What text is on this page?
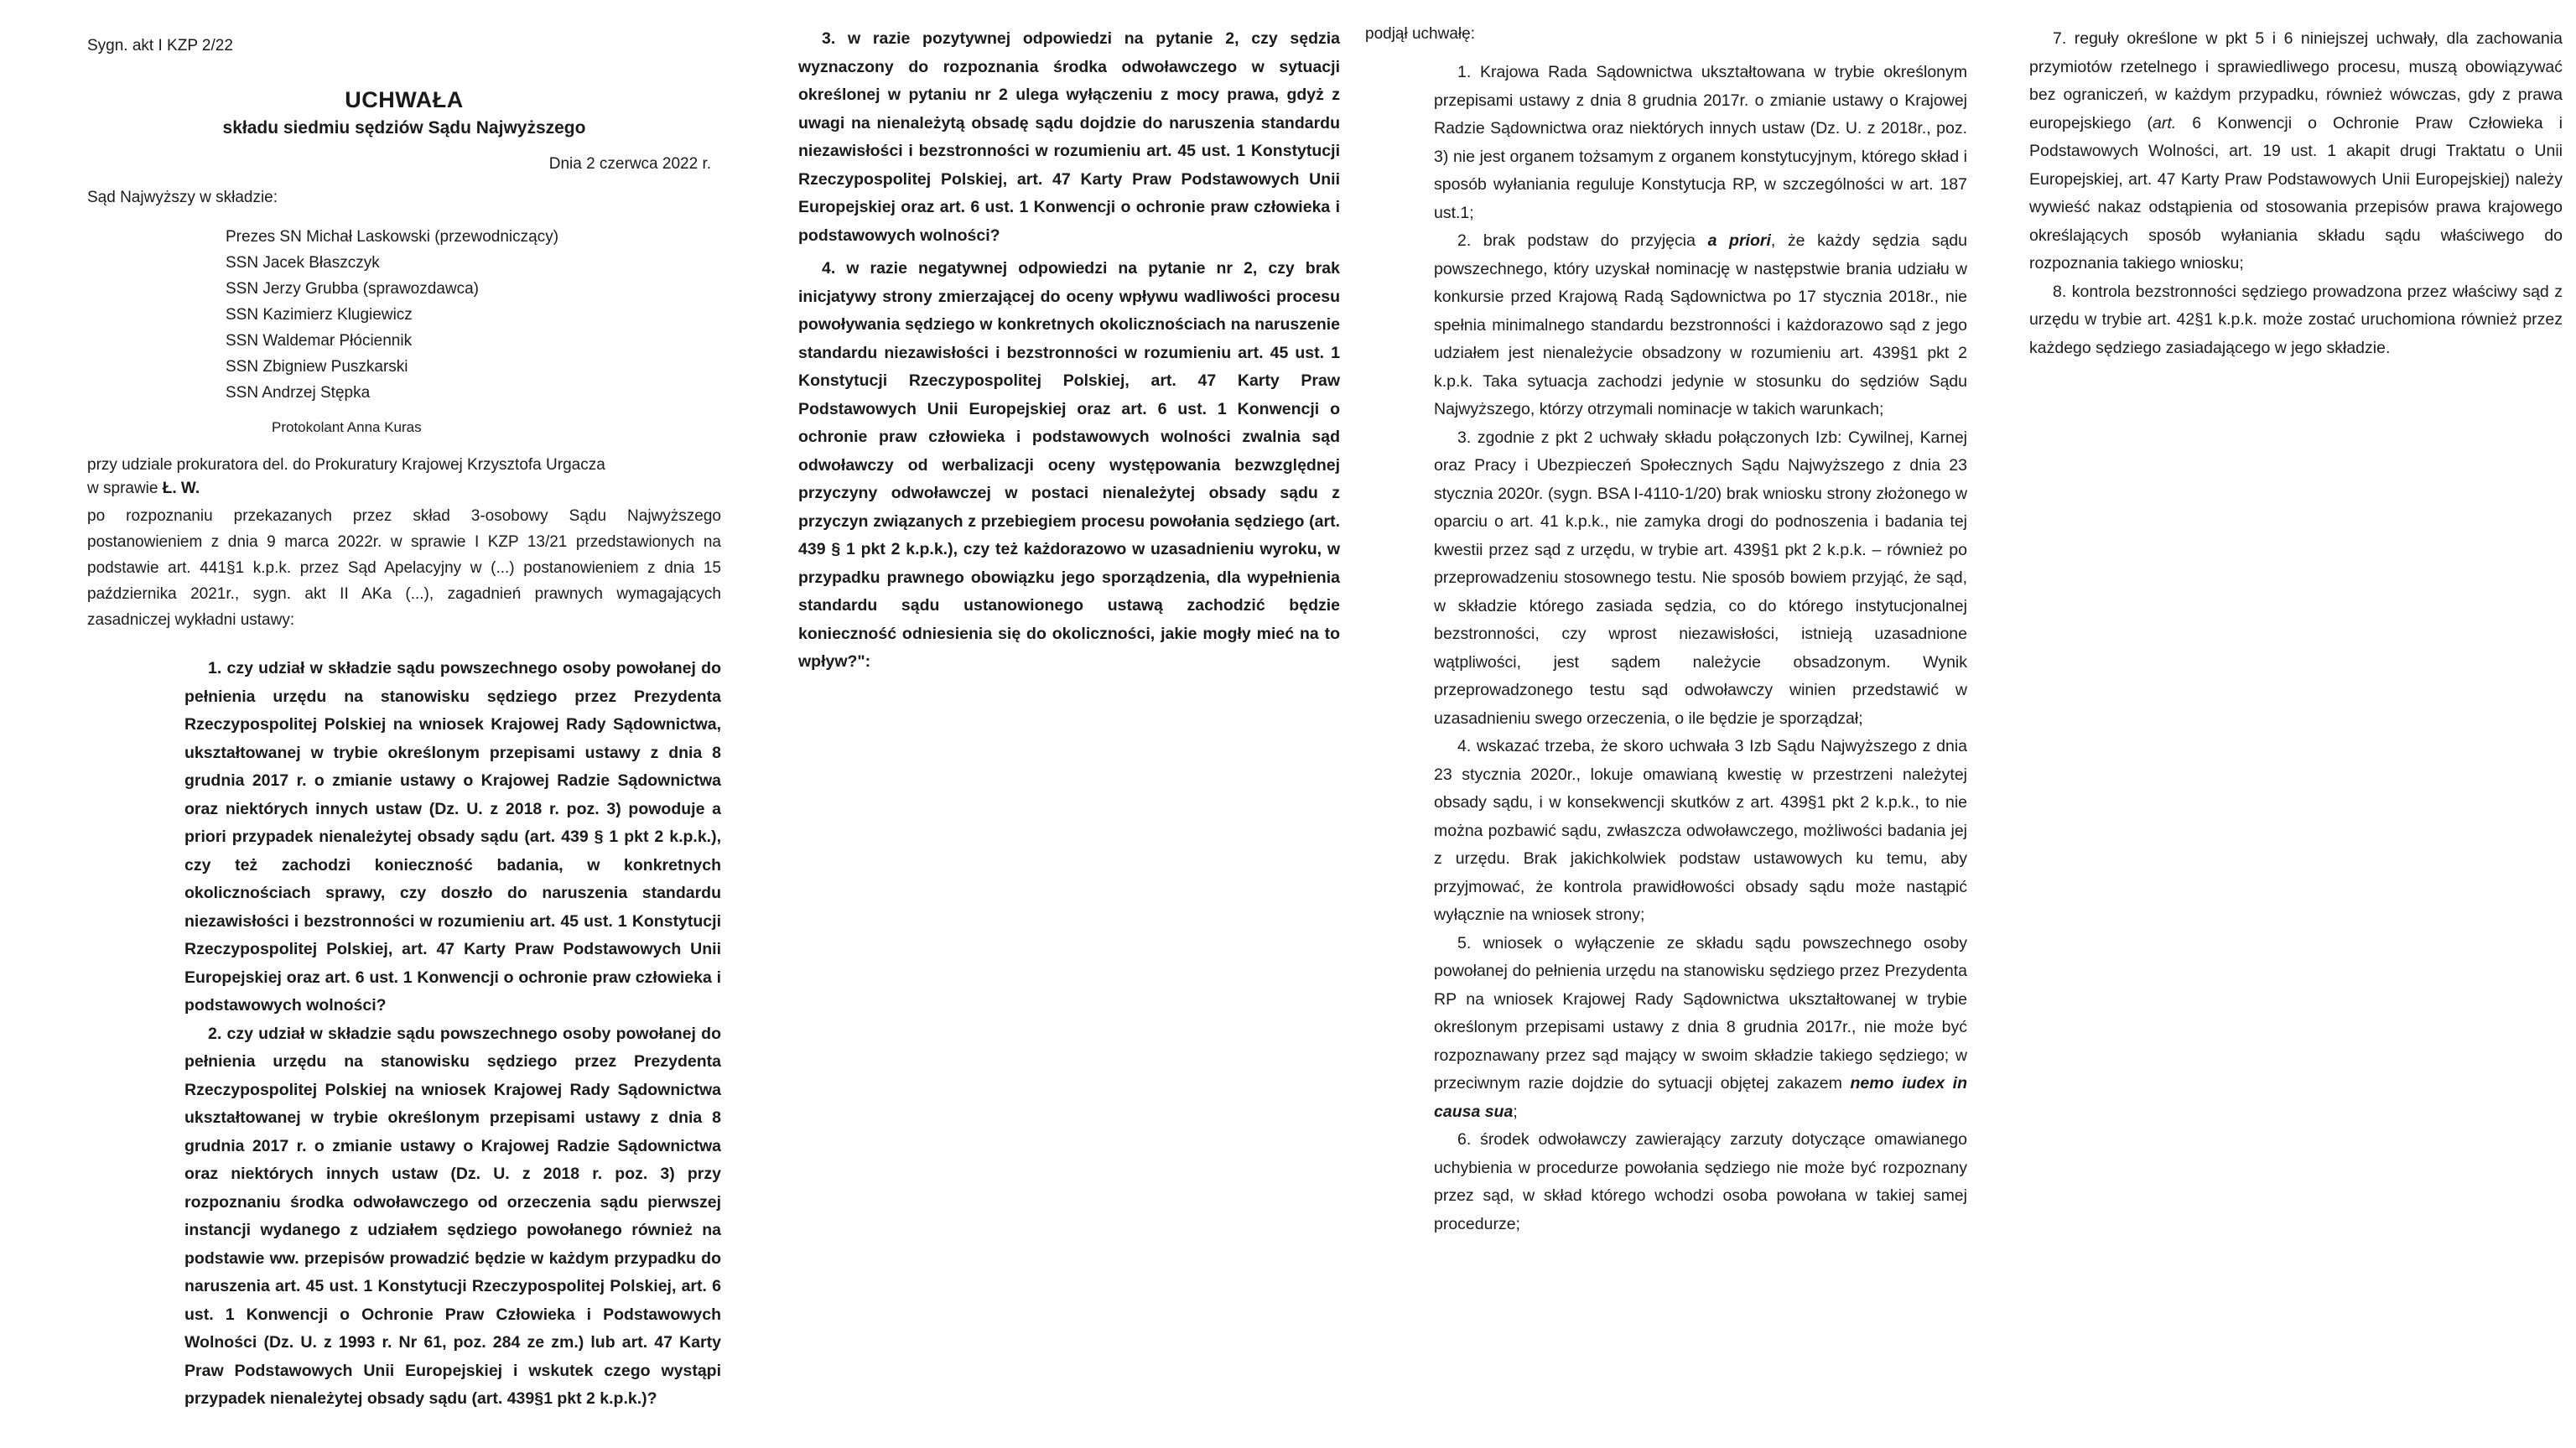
Sygn. akt I KZP 2/22
UCHWAŁA
składu siedmiu sędziów Sądu Najwyższego
Dnia 2 czerwca 2022 r.
Sąd Najwyższy w składzie:
Prezes SN Michał Laskowski (przewodniczący)
SSN Jacek Błaszczyk
SSN Jerzy Grubba (sprawozdawca)
SSN Kazimierz Klugiewicz
SSN Waldemar Płóciennik
SSN Zbigniew Puszkarski
SSN Andrzej Stępka
Protokolant Anna Kuras
przy udziale prokuratora del. do Prokuratury Krajowej Krzysztofa Urgacza
w sprawie Ł. W.
po rozpoznaniu przekazanych przez skład 3-osobowy Sądu Najwyższego postanowieniem z dnia 9 marca 2022r. w sprawie I KZP 13/21 przedstawionych na podstawie art. 441§1 k.p.k. przez Sąd Apelacyjny w (...) postanowieniem z dnia 15 października 2021r., sygn. akt II AKa (...), zagadnień prawnych wymagających zasadniczej wykładni ustawy:

1. czy udział w składzie sądu powszechnego osoby powołanej do pełnienia urzędu na stanowisku sędziego przez Prezydenta Rzeczypospolitej Polskiej na wniosek Krajowej Rady Sądownictwa, ukształtowanej w trybie określonym przepisami ustawy z dnia 8 grudnia 2017 r. o zmianie ustawy o Krajowej Radzie Sądownictwa oraz niektórych innych ustaw (Dz. U. z 2018 r. poz. 3) powoduje a priori przypadek nienależytej obsady sądu (art. 439 § 1 pkt 2 k.p.k.), czy też zachodzi konieczność badania, w konkretnych okolicznościach sprawy, czy doszło do naruszenia standardu niezawisłości i bezstronności w rozumieniu art. 45 ust. 1 Konstytucji Rzeczypospolitej Polskiej, art. 47 Karty Praw Podstawowych Unii Europejskiej oraz art. 6 ust. 1 Konwencji o ochronie praw człowieka i podstawowych wolności?

2. czy udział w składzie sądu powszechnego osoby powołanej do pełnienia urzędu na stanowisku sędziego przez Prezydenta Rzeczypospolitej Polskiej na wniosek Krajowej Rady Sądownictwa ukształtowanej w trybie określonym przepisami ustawy z dnia 8 grudnia 2017 r. o zmianie ustawy o Krajowej Radzie Sądownictwa oraz niektórych innych ustaw (Dz. U. z 2018 r. poz. 3) przy rozpoznaniu środka odwoławczego od orzeczenia sądu pierwszej instancji wydanego z udziałem sędziego powołanego również na podstawie ww. przepisów prowadzić będzie w każdym przypadku do naruszenia art. 45 ust. 1 Konstytucji Rzeczypospolitej Polskiej, art. 6 ust. 1 Konwencji o Ochronie Praw Człowieka i Podstawowych Wolności (Dz. U. z 1993 r. Nr 61, poz. 284 ze zm.) lub art. 47 Karty Praw Podstawowych Unii Europejskiej i wskutek czego wystąpi przypadek nienależytej obsady sądu (art. 439§1 pkt 2 k.p.k.)?

3. w razie pozytywnej odpowiedzi na pytanie 2, czy sędzia wyznaczony do rozpoznania środka odwoławczego w sytuacji określonej w pytaniu nr 2 ulega wyłączeniu z mocy prawa, gdyż z uwagi na nienależytą obsadę sądu dojdzie do naruszenia standardu niezawisłości i bezstronności w rozumieniu art. 45 ust. 1 Konstytucji Rzeczypospolitej Polskiej, art. 47 Karty Praw Podstawowych Unii Europejskiej oraz art. 6 ust. 1 Konwencji o ochronie praw człowieka i podstawowych wolności?

4. w razie negatywnej odpowiedzi na pytanie nr 2, czy brak inicjatywy strony zmierzającej do oceny wpływu wadliwości procesu powoływania sędziego w konkretnych okolicznościach na naruszenie standardu niezawisłości i bezstronności w rozumieniu art. 45 ust. 1 Konstytucji Rzeczypospolitej Polskiej, art. 47 Karty Praw Podstawowych Unii Europejskiej oraz art. 6 ust. 1 Konwencji o ochronie praw człowieka i podstawowych wolności zwalnia sąd odwoławczy od werbalizacji oceny występowania bezwzględnej przyczyny odwoławczej w postaci nienależytej obsady sądu z przyczyn związanych z przebiegiem procesu powołania sędziego (art. 439 § 1 pkt 2 k.p.k.), czy też każdorazowo w uzasadnieniu wyroku, w przypadku prawnego obowiązku jego sporządzenia, dla wypełnienia standardu sądu ustanowionego ustawą zachodzić będzie konieczność odniesienia się do okoliczności, jakie mogły mieć na to wpływ?":

podjął uchwałę:

1. Krajowa Rada Sądownictwa ukształtowana w trybie określonym przepisami ustawy z dnia 8 grudnia 2017r. o zmianie ustawy o Krajowej Radzie Sądownictwa oraz niektórych innych ustaw (Dz. U. z 2018r., poz. 3) nie jest organem tożsamym z organem konstytucyjnym, którego skład i sposób wyłaniania reguluje Konstytucja RP, w szczególności w art. 187 ust.1;

2. brak podstaw do przyjęcia a priori, że każdy sędzia sądu powszechnego, który uzyskał nominację w następstwie brania udziału w konkursie przed Krajową Radą Sądownictwa po 17 stycznia 2018r., nie spełnia minimalnego standardu bezstronności i każdorazowo sąd z jego udziałem jest nienależycie obsadzony w rozumieniu art. 439§1 pkt 2 k.p.k. Taka sytuacja zachodzi jedynie w stosunku do sędziów Sądu Najwyższego, którzy otrzymali nominacje w takich warunkach;

3. zgodnie z pkt 2 uchwały składu połączonych Izb: Cywilnej, Karnej oraz Pracy i Ubezpieczeń Społecznych Sądu Najwyższego z dnia 23 stycznia 2020r. (sygn. BSA I-4110-1/20) brak wniosku strony złożonego w oparciu o art. 41 k.p.k., nie zamyka drogi do podnoszenia i badania tej kwestii przez sąd z urzędu, w trybie art. 439§1 pkt 2 k.p.k. – również po przeprowadzeniu stosownego testu. Nie sposób bowiem przyjąć, że sąd, w składzie którego zasiada sędzia, co do którego instytucjonalnej bezstronności, czy wprost niezawisłości, istnieją uzasadnione wątpliwości, jest sądem należycie obsadzonym. Wynik przeprowadzonego testu sąd odwoławczy winien przedstawić w uzasadnieniu swego orzeczenia, o ile będzie je sporządzał;

4. wskazać trzeba, że skoro uchwała 3 Izb Sądu Najwyższego z dnia 23 stycznia 2020r., lokuje omawianą kwestię w przestrzeni należytej obsady sądu, i w konsekwencji skutków z art. 439§1 pkt 2 k.p.k., to nie można pozbawić sądu, zwłaszcza odwoławczego, możliwości badania jej z urzędu. Brak jakichkolwiek podstaw ustawowych ku temu, aby przyjmować, że kontrola prawidłowości obsady sądu może nastąpić wyłącznie na wniosek strony;

5. wniosek o wyłączenie ze składu sądu powszechnego osoby powołanej do pełnienia urzędu na stanowisku sędziego przez Prezydenta RP na wniosek Krajowej Rady Sądownictwa ukształtowanej w trybie określonym przepisami ustawy z dnia 8 grudnia 2017r., nie może być rozpoznawany przez sąd mający w swoim składzie takiego sędziego; w przeciwnym razie dojdzie do sytuacji objętej zakazem nemo iudex in causa sua;

6. środek odwoławczy zawierający zarzuty dotyczące omawianego uchybienia w procedurze powołania sędziego nie może być rozpoznany przez sąd, w skład którego wchodzi osoba powołana w takiej samej procedurze;

7. reguły określone w pkt 5 i 6 niniejszej uchwały, dla zachowania przymiotów rzetelnego i sprawiedliwego procesu, muszą obowiązywać bez ograniczeń, w każdym przypadku, również wówczas, gdy z prawa europejskiego (art. 6 Konwencji o Ochronie Praw Człowieka i Podstawowych Wolności, art. 19 ust. 1 akapit drugi Traktatu o Unii Europejskiej, art. 47 Karty Praw Podstawowych Unii Europejskiej) należy wywieść nakaz odstąpienia od stosowania przepisów prawa krajowego określających sposób wyłaniania składu sądu właściwego do rozpoznania takiego wniosku;

8. kontrola bezstronności sędziego prowadzona przez właściwy sąd z urzędu w trybie art. 42§1 k.p.k. może zostać uruchomiona również przez każdego sędziego zasiadającego w jego składzie.
